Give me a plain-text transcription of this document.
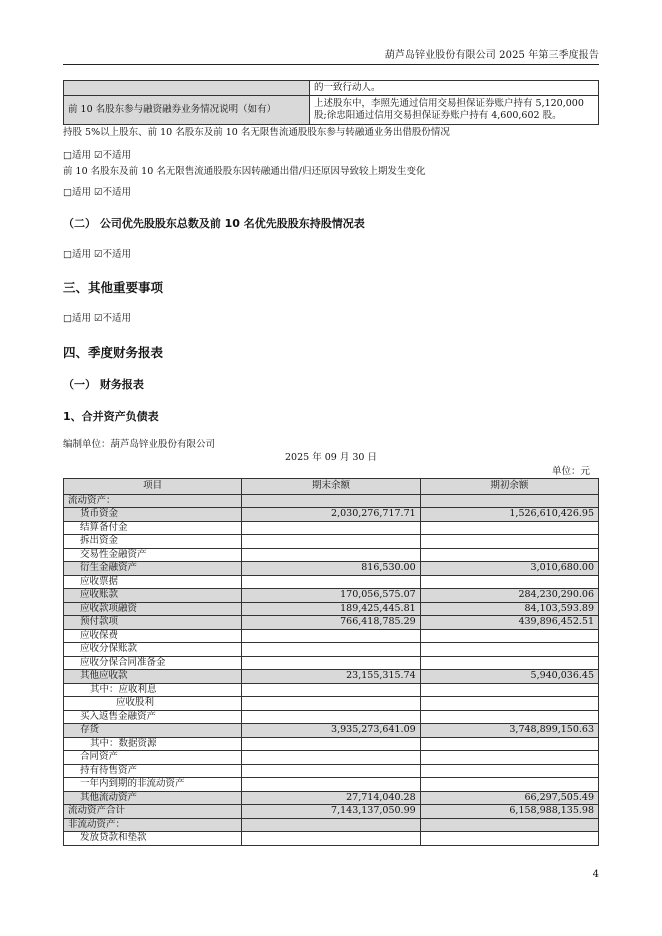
葫芦岛锌业股份有限公司 2025 年第三季度报告
	的一致行动人。
前 10 名股东参与融资融券业务情况说明（如有）	上述股东中，李照先通过信用交易担保证券账户持有 5,120,000
股;徐忠阳通过信用交易担保证券账户持有 4,600,602 股。
持股 5%以上股东、前 10 名股东及前 10 名无限售流通股股东参与转融通业务出借股份情况
□适用 ☑不适用
前 10 名股东及前 10 名无限售流通股股东因转融通出借/归还原因导致较上期发生变化
□适用 ☑不适用
（二） 公司优先股股东总数及前 10 名优先股股东持股情况表
□适用 ☑不适用
三、其他重要事项
□适用 ☑不适用
四、季度财务报表
（一） 财务报表
1、合并资产负债表
编制单位：葫芦岛锌业股份有限公司
2025 年 09 月 30 日
单位：元
项目	期末余额	期初余额
流动资产：		
货币资金	2,030,276,717.71	1,526,610,426.95
结算备付金		
拆出资金		
交易性金融资产		
衍生金融资产	816,530.00	3,010,680.00
应收票据		
应收账款	170,056,575.07	284,230,290.06
应收款项融资	189,425,445.81	84,103,593.89
预付款项	766,418,785.29	439,896,452.51
应收保费		
应收分保账款		
应收分保合同准备金		
其他应收款	23,155,315.74	5,940,036.45
其中：应收利息		
应收股利		
买入返售金融资产		
存货	3,935,273,641.09	3,748,899,150.63
其中：数据资源		
合同资产		
持有待售资产		
一年内到期的非流动资产		
其他流动资产	27,714,040.28	66,297,505.49
流动资产合计	7,143,137,050.99	6,158,988,135.98
非流动资产：		
发放贷款和垫款		
4
